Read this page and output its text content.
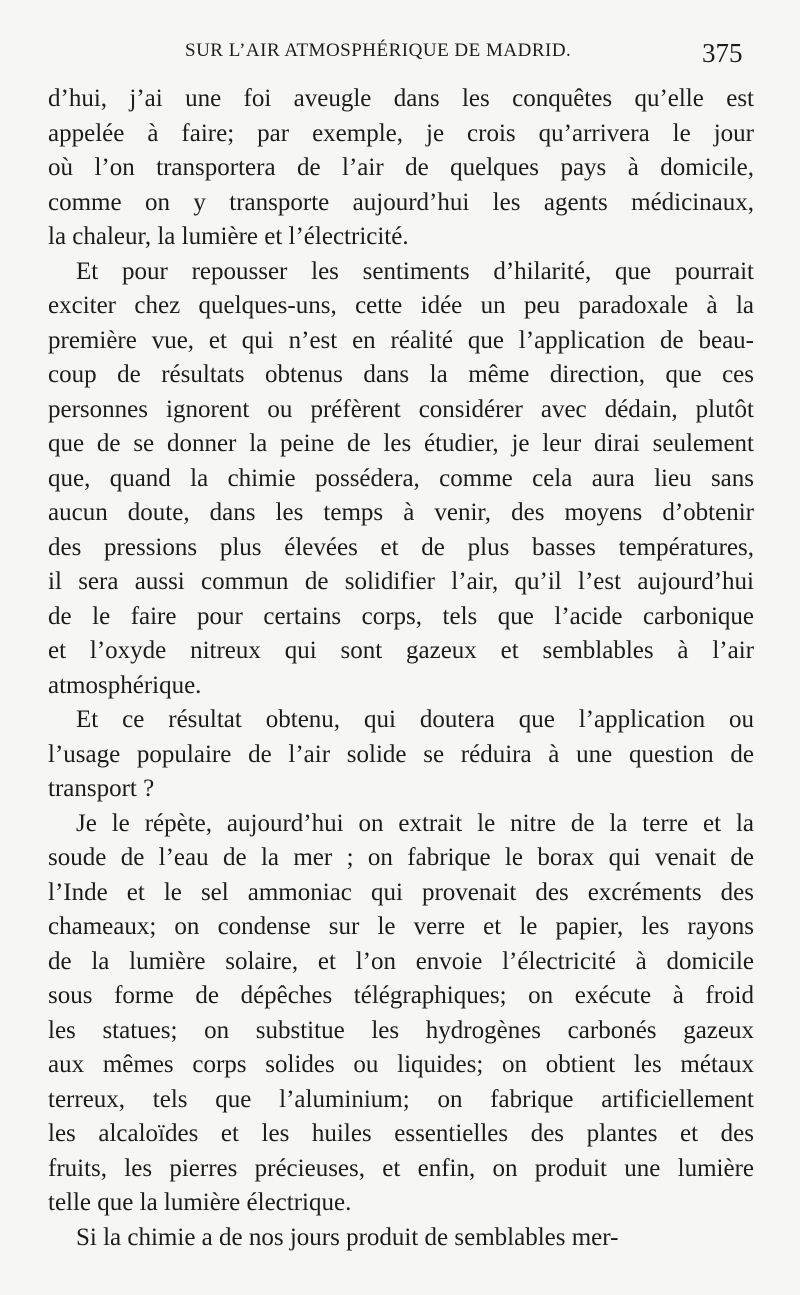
SUR L’AIR ATMOSPHÉRIQUE DE MADRID.	375
d’hui, j’ai une foi aveugle dans les conquêtes qu’elle est
appelée à faire; par exemple, je crois qu’arrivera le jour
où l’on transportera de l’air de quelques pays à domicile,
comme on y transporte aujourd’hui les agents médicinaux,
la chaleur, la lumière et l’électricité.
Et pour repousser les sentiments d’hilarité, que pourrait
exciter chez quelques-uns, cette idée un peu paradoxale à la
première vue, et qui n’est en réalité que l’application de beau-
coup de résultats obtenus dans la même direction, que ces
personnes ignorent ou préfèrent considérer avec dédain, plutôt
que de se donner la peine de les étudier, je leur dirai seulement
que, quand la chimie possédera, comme cela aura lieu sans
aucun doute, dans les temps à venir, des moyens d’obtenir
des pressions plus élevées et de plus basses températures,
il sera aussi commun de solidifier l’air, qu’il l’est aujourd’hui
de le faire pour certains corps, tels que l’acide carbonique
et l’oxyde nitreux qui sont gazeux et semblables à l’air
atmosphérique.
Et ce résultat obtenu, qui doutera que l’application ou
l’usage populaire de l’air solide se réduira à une question de
transport ?
Je le répète, aujourd’hui on extrait le nitre de la terre et la
soude de l’eau de la mer ; on fabrique le borax qui venait de
l’Inde et le sel ammoniac qui provenait des excréments des
chameaux; on condense sur le verre et le papier, les rayons
de la lumière solaire, et l’on envoie l’électricité à domicile
sous forme de dépêches télégraphiques; on exécute à froid
les statues; on substitue les hydrogènes carbonés gazeux
aux mêmes corps solides ou liquides; on obtient les métaux
terreux, tels que l’aluminium; on fabrique artificiellement
les alcaloïdes et les huiles essentielles des plantes et des
fruits, les pierres précieuses, et enfin, on produit une lumière
telle que la lumière électrique.
Si la chimie a de nos jours produit de semblables mer-
